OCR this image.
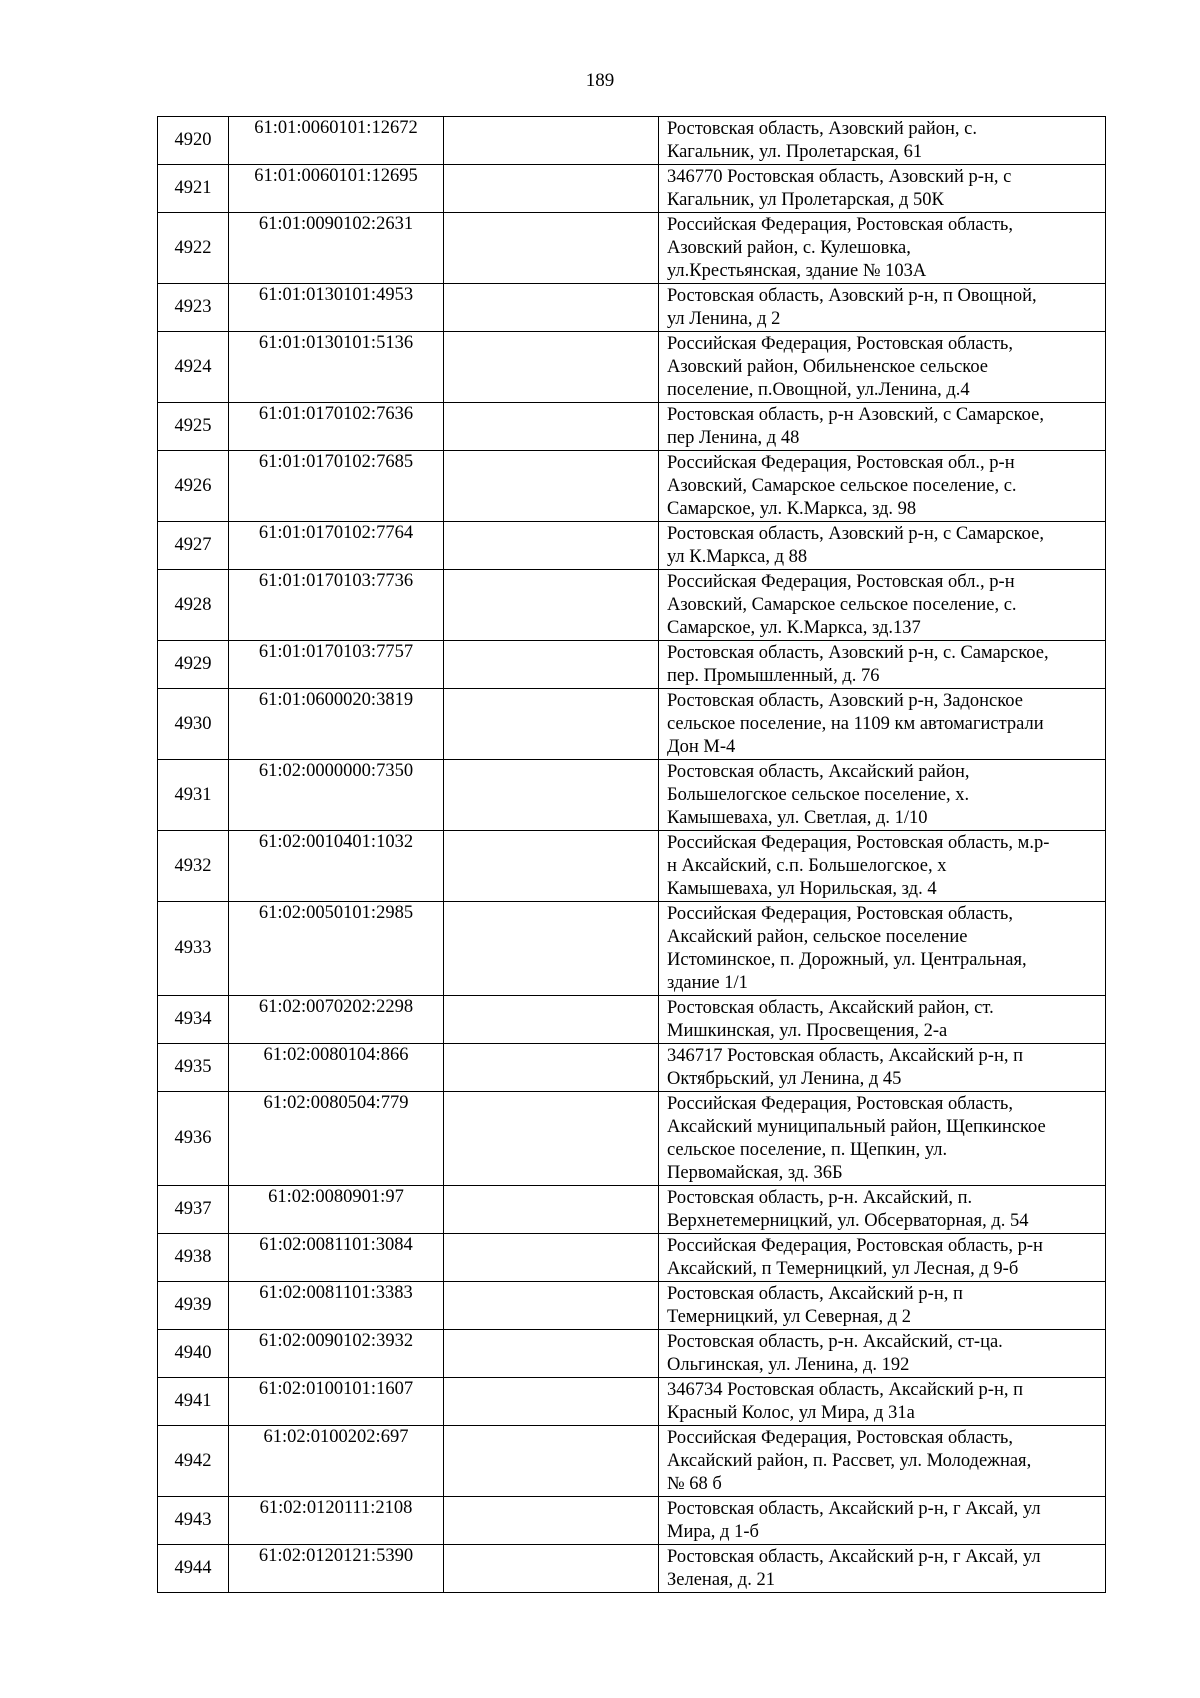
189
4920	61:01:0060101:12672		Ростовская область, Азовский район, с.
Кагальник, ул. Пролетарская, 61
4921	61:01:0060101:12695		346770 Ростовская область, Азовский р-н, с
Кагальник, ул Пролетарская, д 50К
4922	61:01:0090102:2631		Российская Федерация, Ростовская область,
Азовский район, с. Кулешовка,
ул.Крестьянская, здание № 103А
4923	61:01:0130101:4953		Ростовская область, Азовский р-н, п Овощной,
ул Ленина, д 2
4924	61:01:0130101:5136		Российская Федерация, Ростовская область,
Азовский район, Обильненское сельское
поселение, п.Овощной, ул.Ленина, д.4
4925	61:01:0170102:7636		Ростовская область, р-н Азовский, с Самарское,
пер Ленина, д 48
4926	61:01:0170102:7685		Российская Федерация, Ростовская обл., р-н
Азовский, Самарское сельское поселение, с.
Самарское, ул. К.Маркса, зд. 98
4927	61:01:0170102:7764		Ростовская область, Азовский р-н, с Самарское,
ул К.Маркса, д 88
4928	61:01:0170103:7736		Российская Федерация, Ростовская обл., р-н
Азовский, Самарское сельское поселение, с.
Самарское, ул. К.Маркса, зд.137
4929	61:01:0170103:7757		Ростовская область, Азовский р-н, с. Самарское,
пер. Промышленный, д. 76
4930	61:01:0600020:3819		Ростовская область, Азовский р-н, Задонское
сельское поселение, на 1109 км автомагистрали
Дон М-4
4931	61:02:0000000:7350		Ростовская область, Аксайский район,
Большелогское сельское поселение, х.
Камышеваха, ул. Светлая, д. 1/10
4932	61:02:0010401:1032		Российская Федерация, Ростовская область, м.р-
н Аксайский, с.п. Большелогское, х
Камышеваха, ул Норильская, зд. 4
4933	61:02:0050101:2985		Российская Федерация, Ростовская область,
Аксайский район, сельское поселение
Истоминское, п. Дорожный, ул. Центральная,
здание 1/1
4934	61:02:0070202:2298		Ростовская область, Аксайский район, ст.
Мишкинская, ул. Просвещения, 2-а
4935	61:02:0080104:866		346717 Ростовская область, Аксайский р-н, п
Октябрьский, ул Ленина, д 45
4936	61:02:0080504:779		Российская Федерация, Ростовская область,
Аксайский муниципальный район, Щепкинское
сельское поселение, п. Щепкин, ул.
Первомайская, зд. 36Б
4937	61:02:0080901:97		Ростовская область, р-н. Аксайский, п.
Верхнетемерницкий, ул. Обсерваторная, д. 54
4938	61:02:0081101:3084		Российская Федерация, Ростовская область, р-н
Аксайский, п Темерницкий, ул Лесная, д 9-б
4939	61:02:0081101:3383		Ростовская область, Аксайский р-н, п
Темерницкий, ул Северная, д 2
4940	61:02:0090102:3932		Ростовская область, р-н. Аксайский, ст-ца.
Ольгинская, ул. Ленина, д. 192
4941	61:02:0100101:1607		346734 Ростовская область, Аксайский р-н, п
Красный Колос, ул Мира, д 31а
4942	61:02:0100202:697		Российская Федерация, Ростовская область,
Аксайский район, п. Рассвет, ул. Молодежная,
№ 68 б
4943	61:02:0120111:2108		Ростовская область, Аксайский р-н, г Аксай, ул
Мира, д 1-б
4944	61:02:0120121:5390		Ростовская область, Аксайский р-н, г Аксай, ул
Зеленая, д. 21
